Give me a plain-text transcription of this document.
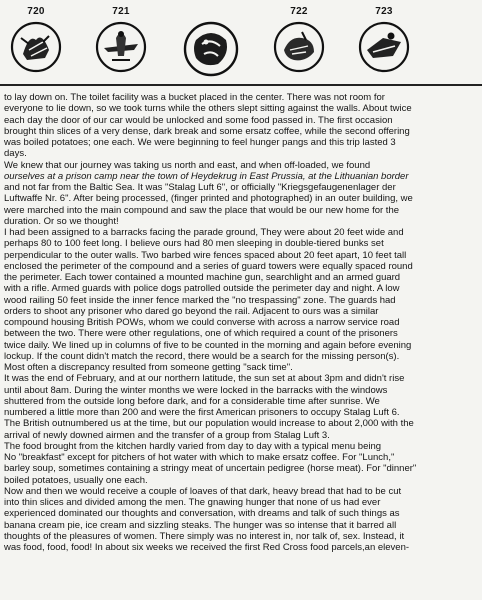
720	721	722	723

to lay down on. The toilet facility was a bucket placed in the center. There was not room for
everyone to lie down, so we took turns while the others slept sitting against the walls. About twice
each day the door of our car would be unlocked and some food passed in. The first occasion
brought thin slices of a very dense, dark break and some ersatz coffee, while the second offering
was boiled potatoes; one each. We were beginning to feel hunger pangs and this trip lasted 3
days.

We knew that our journey was taking us north and east, and when off-loaded, we found
ourselves at a prison camp near the town of Heydekrug in East Prussia, at the Lithuanian border
and not far from the Baltic Sea. It was "Stalag Luft 6", or officially "Kriegsgefaugenenlager der
Luftwaffe Nr. 6". After being processed, (finger printed and photographed) in an outer building, we
were marched into the main compound and saw the place that would be our new home for the
duration. Or so we thought!

I had been assigned to a barracks facing the parade ground, They were about 20 feet wide and
perhaps 80 to 100 feet long. I believe ours had 80 men sleeping in double-tiered bunks set
perpendicular to the outer walls. Two barbed wire fences spaced about 20 feet apart, 10 feet tall
enclosed the perimeter of the compound and a series of guard towers were equally spaced round
the perimeter. Each tower contained a mounted machine gun, searchlight and an armed guard
with a rifle. Armed guards with police dogs patrolled outside the perimeter day and night. A low
wood railing 50 feet inside the inner fence marked the "no trespassing" zone. The guards had
orders to shoot any prisoner who dared go beyond the rail. Adjacent to ours was a similar
compound housing British POWs, whom we could converse with across a narrow service road
between the two. There were other regulations, one of which required a count of the prisoners
twice daily. We lined up in columns of five to be counted in the morning and again before evening
lockup. If the count didn't match the record, there would be a search for the missing person(s).
Most often a discrepancy resulted from someone getting "sack time".

It was the end of February, and at our northern latitude, the sun set at about 3pm and didn't rise
until about 8am. During the winter months we were locked in the barracks with the windows
shuttered from the outside long before dark, and for a considerable time after sunrise. We
numbered a little more than 200 and were the first American prisoners to occupy Stalag Luft 6.
The British outnumbered us at the time, but our population would increase to about 2,000 with the
arrival of newly downed airmen and the transfer of a group from Stalag Luft 3.

The food brought from the kitchen hardly varied from day to day with a typical menu being
No "breakfast" except for pitchers of hot water with which to make ersatz coffee. For "Lunch,"
barley soup, sometimes containing a stringy meat of uncertain pedigree (horse meat). For "dinner"
boiled potatoes, usually one each.

Now and then we would receive a couple of loaves of that dark, heavy bread that had to be cut
into thin slices and divided among the men. The gnawing hunger that none of us had ever
experienced dominated our thoughts and conversation, with dreams and talk of such things as
banana cream pie, ice cream and sizzling steaks. The hunger was so intense that it barred all
thoughts of the pleasures of women. There simply was no interest in, nor talk of, sex. Instead, it
was food, food, food! In about six weeks we received the first Red Cross food parcels,an eleven-
